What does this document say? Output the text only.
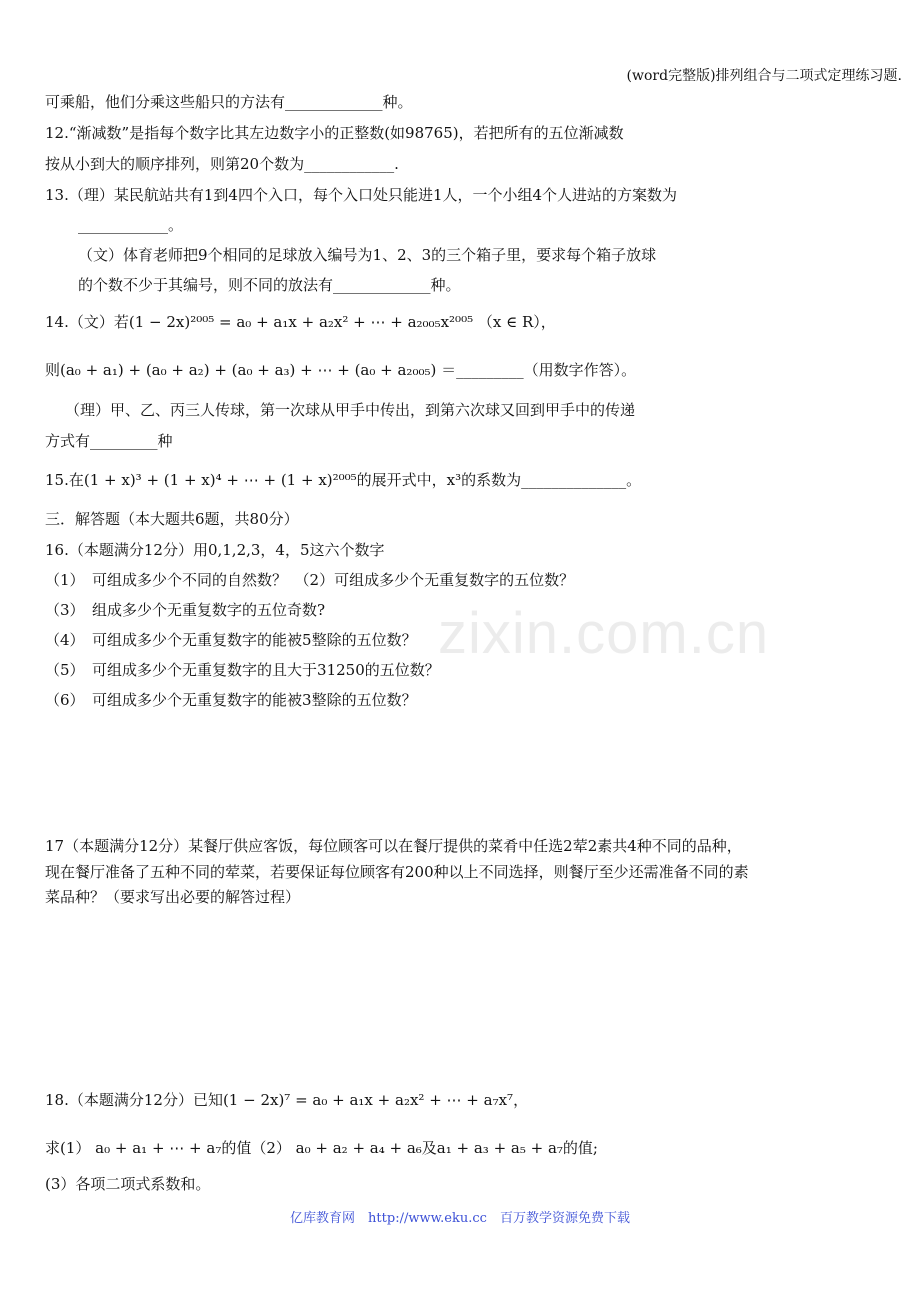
(word完整版)排列组合与二项式定理练习题.
zixin.com.cn
可乘船，他们分乘这些船只的方法有_____________种。
12.“渐减数”是指每个数字比其左边数字小的正整数(如98765)，若把所有的五位渐减数
按从小到大的顺序排列，则第20个数为____________.
13.（理）某民航站共有1到4四个入口，每个入口处只能进1人，一个小组4个人进站的方案数为
____________。
（文）体育老师把9个相同的足球放入编号为1、2、3的三个箱子里，要求每个箱子放球
的个数不少于其编号，则不同的放法有_____________种。
14.（文）若(1 − 2x)²⁰⁰⁵ = a₀ + a₁x + a₂x² + ⋯ + a₂₀₀₅x²⁰⁰⁵ （x ∈ R），
则(a₀ + a₁) + (a₀ + a₂) + (a₀ + a₃) + ⋯ + (a₀ + a₂₀₀₅) ＝_________（用数字作答）。
（理）甲、乙、丙三人传球，第一次球从甲手中传出，到第六次球又回到甲手中的传递
方式有_________种
15.在(1 + x)³ + (1 + x)⁴ + ⋯ + (1 + x)²⁰⁰⁵的展开式中，x³的系数为______________。
三．解答题（本大题共6题，共80分）
16.（本题满分12分）用0,1,2,3，4，5这六个数字
（1）　可组成多少个不同的自然数？　（2）可组成多少个无重复数字的五位数？
（3）　组成多少个无重复数字的五位奇数?
（4）　可组成多少个无重复数字的能被5整除的五位数？
（5）　可组成多少个无重复数字的且大于31250的五位数？
（6）　可组成多少个无重复数字的能被3整除的五位数？
17（本题满分12分）某餐厅供应客饭，每位顾客可以在餐厅提供的菜肴中任选2荤2素共4种不同的品种，
现在餐厅准备了五种不同的荤菜，若要保证每位顾客有200种以上不同选择，则餐厅至少还需准备不同的素
菜品种？（要求写出必要的解答过程）
18.（本题满分12分）已知(1 − 2x)⁷ = a₀ + a₁x + a₂x² + ⋯ + a₇x⁷，
求(1） a₀ + a₁ + ⋯ + a₇的值（2） a₀ + a₂ + a₄ + a₆及a₁ + a₃ + a₅ + a₇的值;
(3）各项二项式系数和。
亿库教育网　http://www.eku.cc　百万教学资源免费下载
